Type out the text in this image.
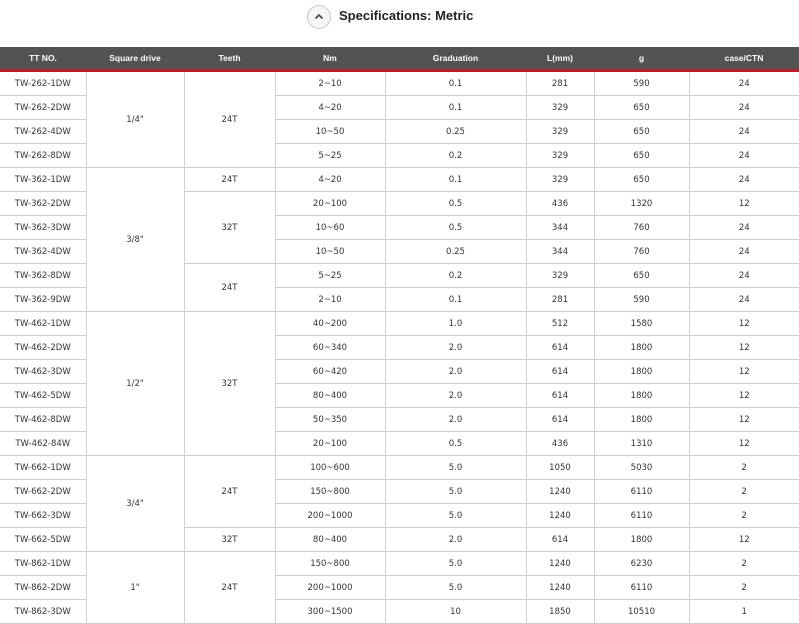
Specifications: Metric
TT NO.	Square drive	Teeth	Nm	Graduation	L(mm)	g	case/CTN
TW-262-1DW	1/4"	24T	2~10	0.1	281	590	24
TW-262-2DW			4~20	0.1	329	650	24
TW-262-4DW			10~50	0.25	329	650	24
TW-262-8DW			5~25	0.2	329	650	24
TW-362-1DW	3/8"	24T	4~20	0.1	329	650	24
TW-362-2DW		32T	20~100	0.5	436	1320	12
TW-362-3DW			10~60	0.5	344	760	24
TW-362-4DW			10~50	0.25	344	760	24
TW-362-8DW		24T	5~25	0.2	329	650	24
TW-362-9DW			2~10	0.1	281	590	24
TW-462-1DW	1/2"	32T	40~200	1.0	512	1580	12
TW-462-2DW			60~340	2.0	614	1800	12
TW-462-3DW			60~420	2.0	614	1800	12
TW-462-5DW			80~400	2.0	614	1800	12
TW-462-8DW			50~350	2.0	614	1800	12
TW-462-84W			20~100	0.5	436	1310	12
TW-662-1DW	3/4"	24T	100~600	5.0	1050	5030	2
TW-662-2DW			150~800	5.0	1240	6110	2
TW-662-3DW			200~1000	5.0	1240	6110	2
TW-662-5DW		32T	80~400	2.0	614	1800	12
TW-862-1DW	1"	24T	150~800	5.0	1240	6230	2
TW-862-2DW			200~1000	5.0	1240	6110	2
TW-862-3DW			300~1500	10	1850	10510	1
